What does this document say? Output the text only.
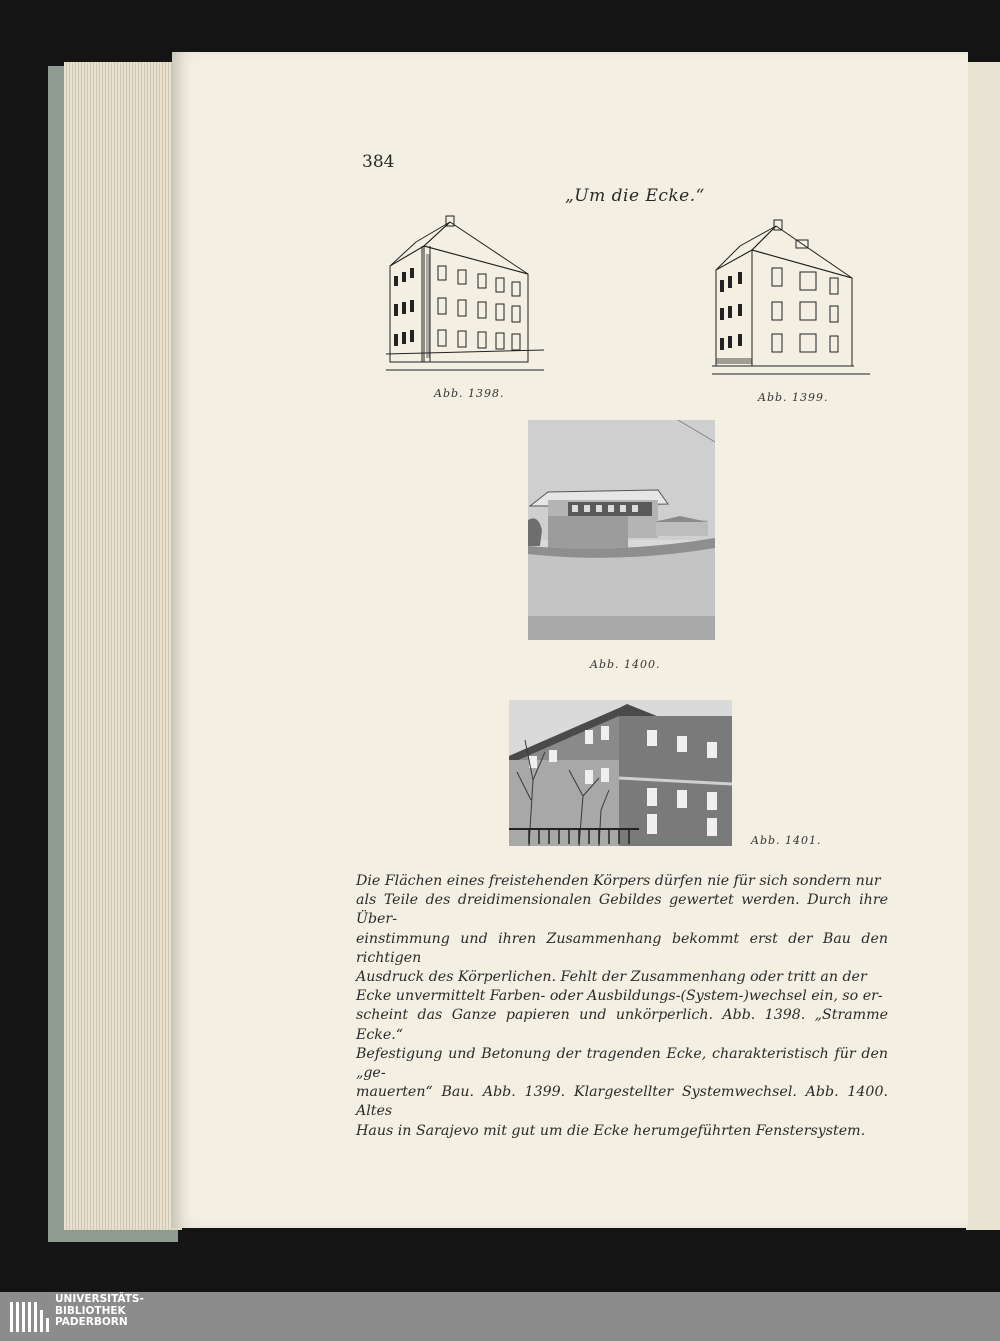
384
„Um die Ecke.“
Abb. 1398.	Abb. 1399.
Abb. 1400.
Abb. 1401.
Die Flächen eines freistehenden Körpers dürfen nie für sich sondern nur
als Teile des dreidimensionalen Gebildes gewertet werden. Durch ihre Über-
einstimmung und ihren Zusammenhang bekommt erst der Bau den richtigen
Ausdruck des Körperlichen. Fehlt der Zusammenhang oder tritt an der
Ecke unvermittelt Farben- oder Ausbildungs-(System-)wechsel ein, so er-
scheint das Ganze papieren und unkörperlich. Abb. 1398. „Stramme Ecke.“
Befestigung und Betonung der tragenden Ecke, charakteristisch für den „ge-
mauerten“ Bau. Abb. 1399. Klargestellter Systemwechsel. Abb. 1400. Altes
Haus in Sarajevo mit gut um die Ecke herumgeführten Fenstersystem.
UNIVERSITÄTS-
BIBLIOTHEK
PADERBORN
